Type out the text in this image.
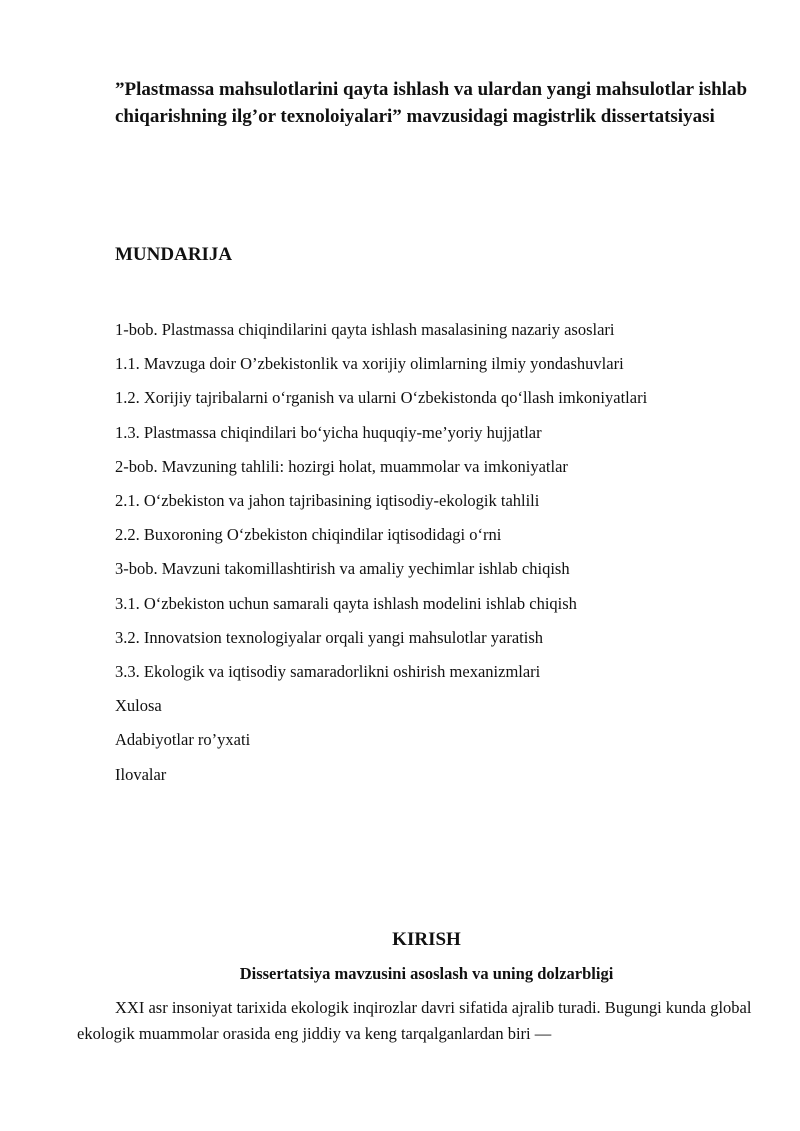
”Plastmassa mahsulotlarini qayta ishlash va ulardan yangi mahsulotlar ishlab chiqarishning ilg’or texnoloiyalari” mavzusidagi magistrlik dissertatsiyasi
MUNDARIJA
1-bob. Plastmassa chiqindilarini qayta ishlash masalasining nazariy asoslari
1.1. Mavzuga doir O’zbekistonlik va xorijiy olimlarning ilmiy yondashuvlari
1.2. Xorijiy tajribalarni o‘rganish va ularni O‘zbekistonda qo‘llash imkoniyatlari
1.3. Plastmassa chiqindilari bo‘yicha huquqiy-me’yoriy hujjatlar
2-bob. Mavzuning tahlili: hozirgi holat, muammolar va imkoniyatlar
2.1. O‘zbekiston va jahon tajribasining iqtisodiy-ekologik tahlili
2.2. Buxoroning O‘zbekiston chiqindilar iqtisodidagi o‘rni
3-bob. Mavzuni takomillashtirish va amaliy yechimlar ishlab chiqish
3.1. O‘zbekiston uchun samarali qayta ishlash modelini ishlab chiqish
3.2. Innovatsion texnologiyalar orqali yangi mahsulotlar yaratish
3.3. Ekologik va iqtisodiy samaradorlikni oshirish mexanizmlari
Xulosa
Adabiyotlar ro’yxati
Ilovalar
KIRISH
Dissertatsiya mavzusini asoslash va uning dolzarbligi

XXI asr insoniyat tarixida ekologik inqirozlar davri sifatida ajralib turadi. Bugungi kunda global ekologik muammolar orasida eng jiddiy va keng tarqalganlardan biri —
